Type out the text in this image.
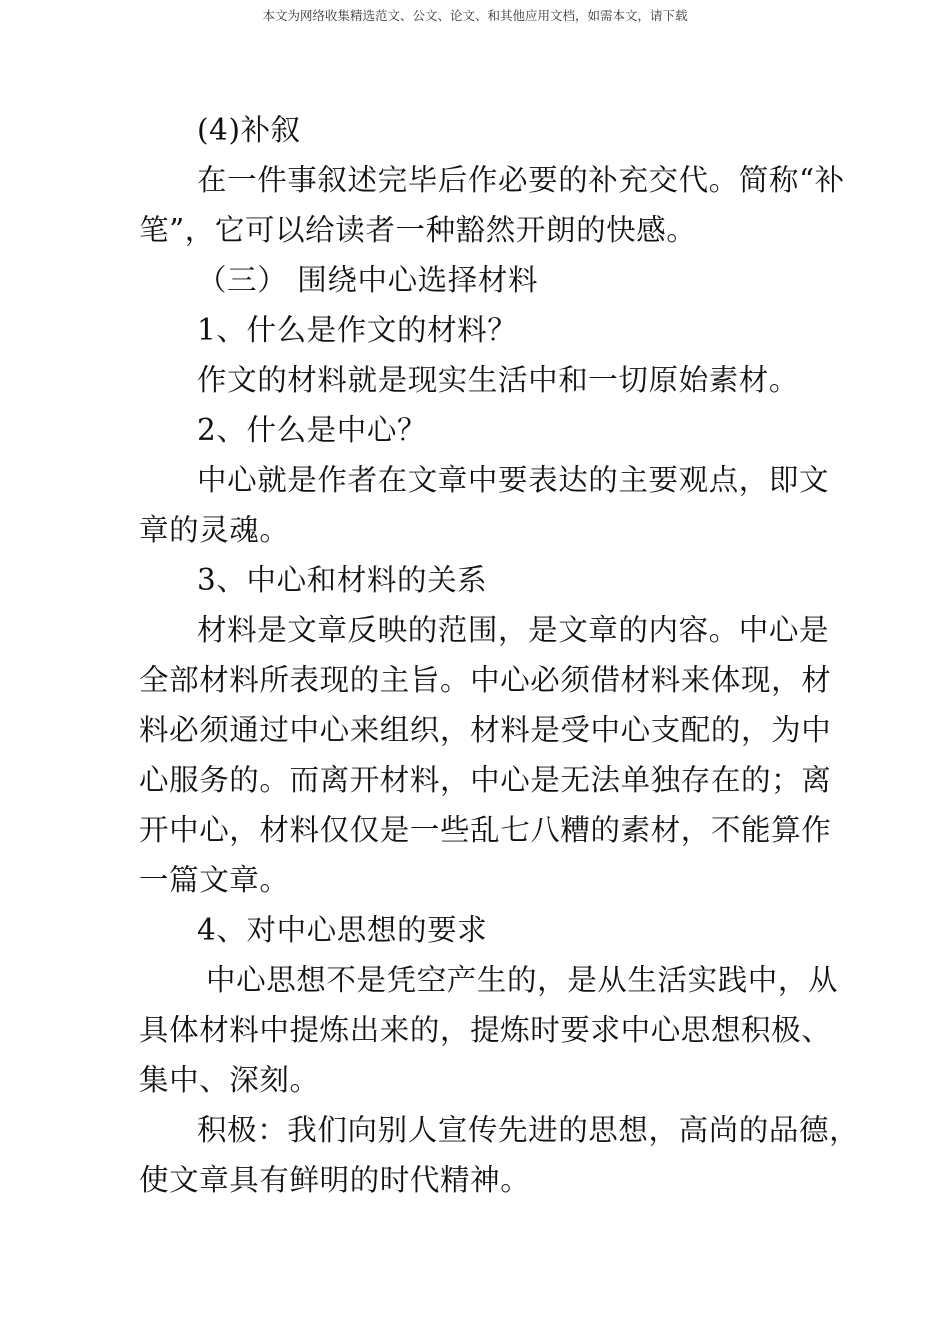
本文为网络收集精选范文、公文、论文、和其他应用文档，如需本文，请下载
(4)补叙
在一件事叙述完毕后作必要的补充交代。简称“补
笔”，它可以给读者一种豁然开朗的快感。
（三） 围绕中心选择材料
1、什么是作文的材料？
作文的材料就是现实生活中和一切原始素材。
2、什么是中心？
中心就是作者在文章中要表达的主要观点，即文
章的灵魂。
3、中心和材料的关系
材料是文章反映的范围，是文章的内容。中心是
全部材料所表现的主旨。中心必须借材料来体现，材
料必须通过中心来组织，材料是受中心支配的，为中
心服务的。而离开材料，中心是无法单独存在的；离
开中心，材料仅仅是一些乱七八糟的素材，不能算作
一篇文章。
4、对中心思想的要求
中心思想不是凭空产生的，是从生活实践中，从
具体材料中提炼出来的，提炼时要求中心思想积极、
集中、深刻。
积极：我们向别人宣传先进的思想，高尚的品德，
使文章具有鲜明的时代精神。
